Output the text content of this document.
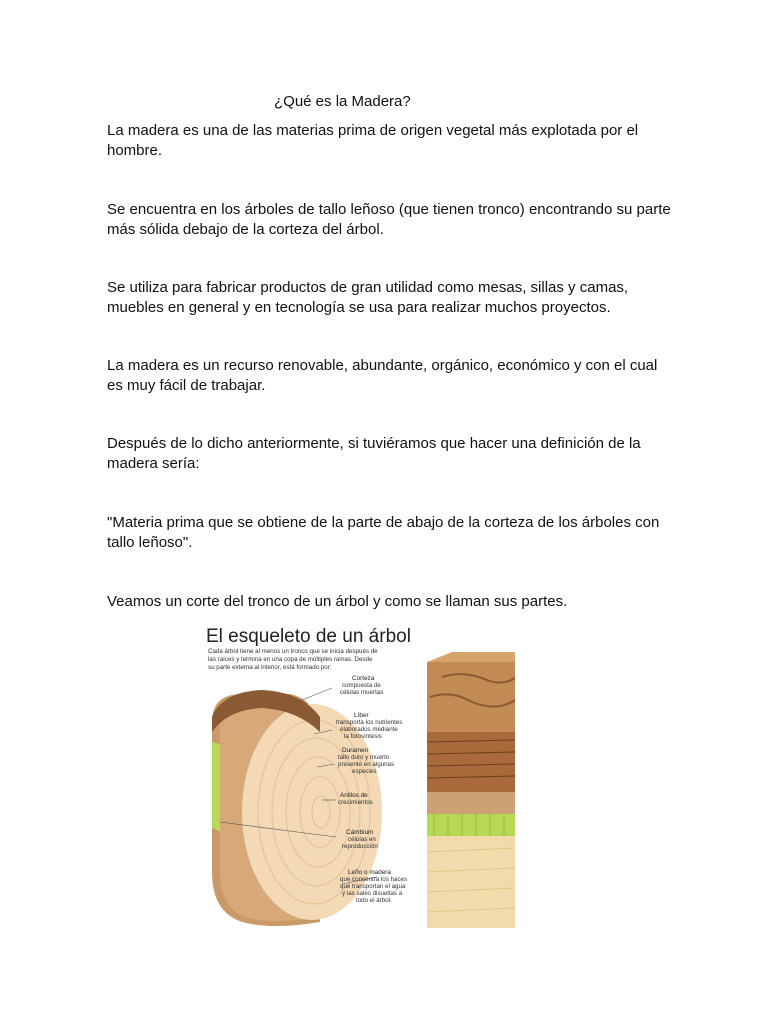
¿Qué es la Madera?

La madera es una de las materias prima de origen vegetal más explotada por el hombre.

Se encuentra en los árboles de tallo leñoso (que tienen tronco) encontrando su parte más sólida debajo de la corteza del árbol.

Se utiliza para fabricar productos de gran utilidad como mesas, sillas y camas, muebles en general y en tecnología se usa para realizar muchos proyectos.

La madera es un recurso renovable, abundante, orgánico, económico y con el cual es muy fácil de trabajar.

Después de lo dicho anteriormente, si tuviéramos que hacer una definición de la madera sería:

"Materia prima que se obtiene de la parte de abajo de la corteza de los árboles con tallo leñoso".

Veamos un corte del tronco de un árbol y como se llaman sus partes.

El esqueleto de un árbol
Cada árbol tiene al menos un tronco que se inicia después de
las raíces y termina en una copa de múltiples ramas. Desde
su parte externa al interior, está formado por:
Corteza
compuesta de
células muertas
Líber
transporta los nutrientes
elaborados mediante
la fotosíntesis
Duramen
tallo duro y muerto
presente en algunas
especies
Anillos de
crecimientos
Cámbium
células en
reproducción
Leño o madera
que concentra los haces
que transportan el agua
y las sales disueltas a
todo el árbol.
